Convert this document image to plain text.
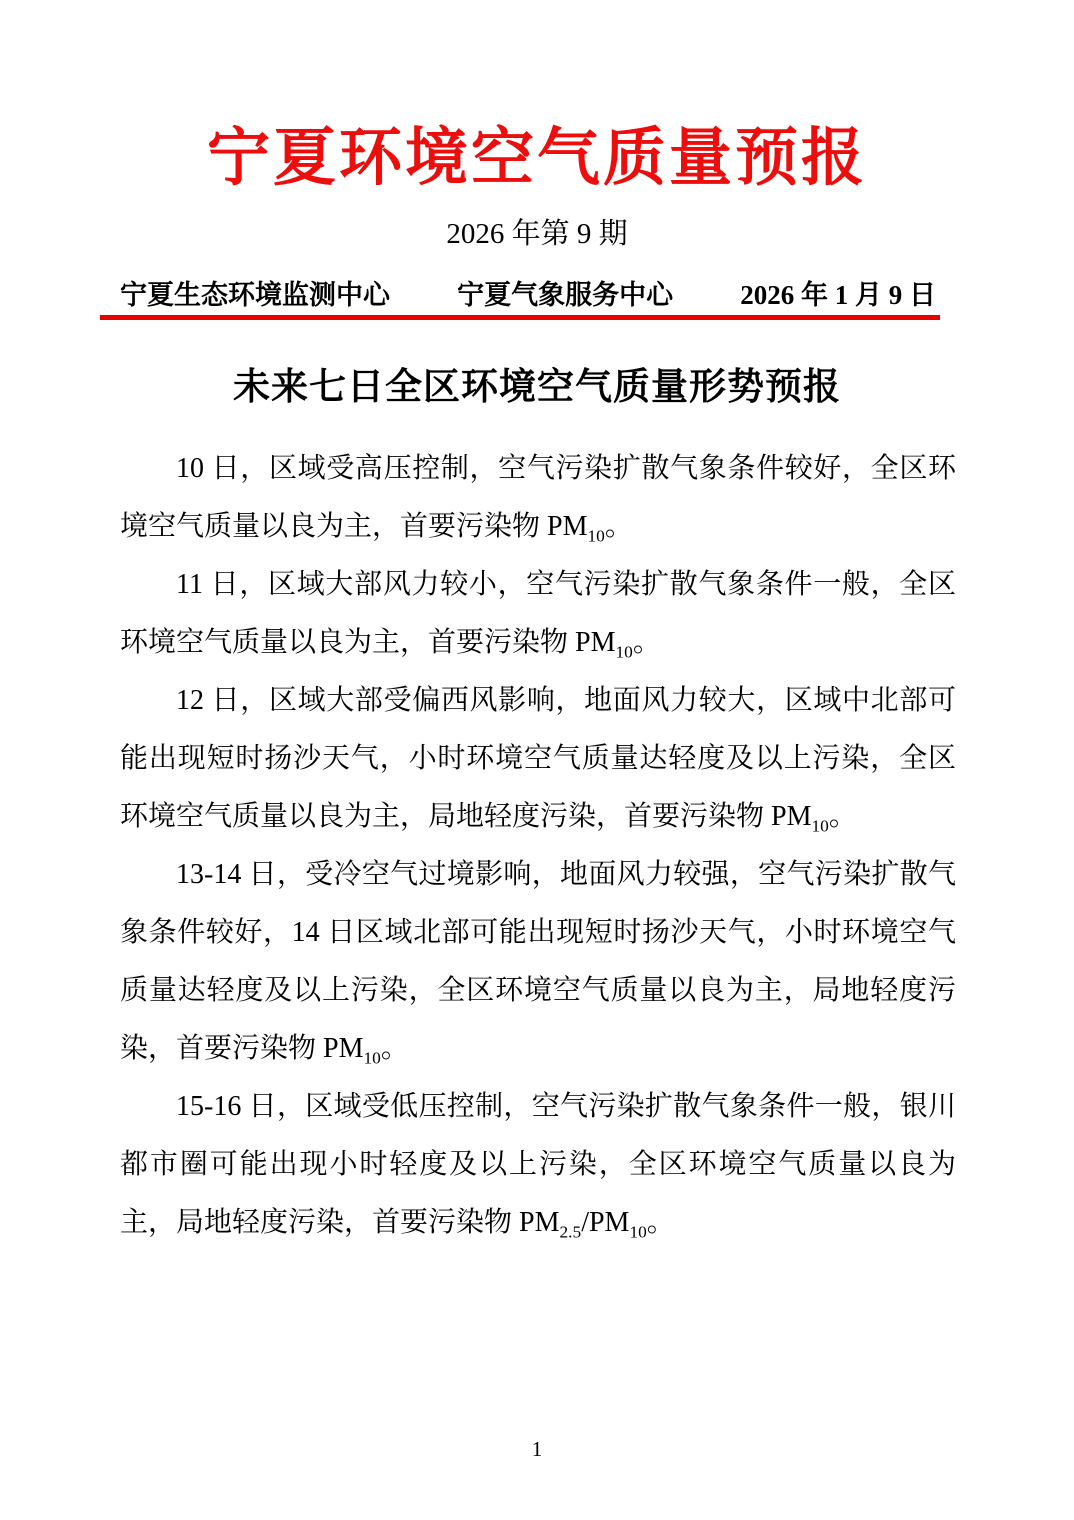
宁夏环境空气质量预报
2026 年第 9 期
宁夏生态环境监测中心 宁夏气象服务中心 2026 年 1 月 9 日
未来七日全区环境空气质量形势预报

10 日，区域受高压控制，空气污染扩散气象条件较好，全区环境空气质量以良为主，首要污染物 $PM_{10}$。

11 日，区域大部风力较小，空气污染扩散气象条件一般，全区环境空气质量以良为主，首要污染物 $PM_{10}$。

12 日，区域大部受偏西风影响，地面风力较大，区域中北部可能出现短时扬沙天气，小时环境空气质量达轻度及以上污染，全区环境空气质量以良为主，局地轻度污染，首要污染物 $PM_{10}$。

13-14 日，受冷空气过境影响，地面风力较强，空气污染扩散气象条件较好，14 日区域北部可能出现短时扬沙天气，小时环境空气质量达轻度及以上污染，全区环境空气质量以良为主，局地轻度污染，首要污染物 $PM_{10}$。

15-16 日，区域受低压控制，空气污染扩散气象条件一般，银川都市圈可能出现小时轻度及以上污染，全区环境空气质量以良为主，局地轻度污染，首要污染物 $PM_{2.5}/PM_{10}$。

1
